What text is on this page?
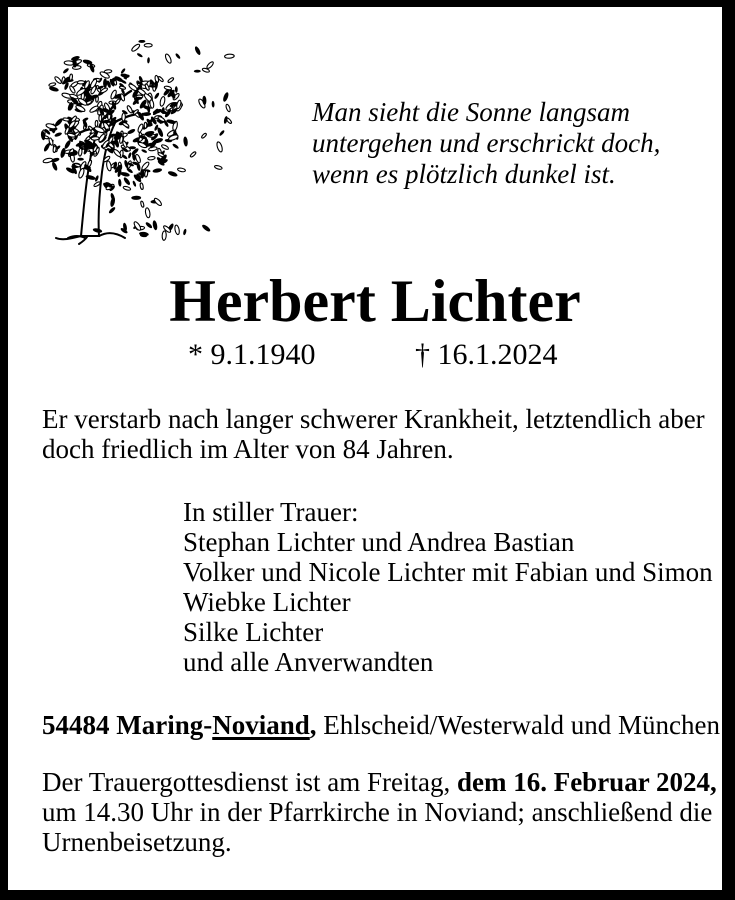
Man sieht die Sonne langsam
untergehen und erschrickt doch,
wenn es plötzlich dunkel ist.
Herbert Lichter
* 9.1.1940	† 16.1.2024
Er verstarb nach langer schwerer Krankheit, letztendlich aber
doch friedlich im Alter von 84 Jahren.
In stiller Trauer:
Stephan Lichter und Andrea Bastian
Volker und Nicole Lichter mit Fabian und Simon
Wiebke Lichter
Silke Lichter
und alle Anverwandten
54484 Maring-Noviand, Ehlscheid/Westerwald und München
Der Trauergottesdienst ist am Freitag, dem 16. Februar 2024,
um 14.30 Uhr in der Pfarrkirche in Noviand; anschließend die
Urnenbeisetzung.
